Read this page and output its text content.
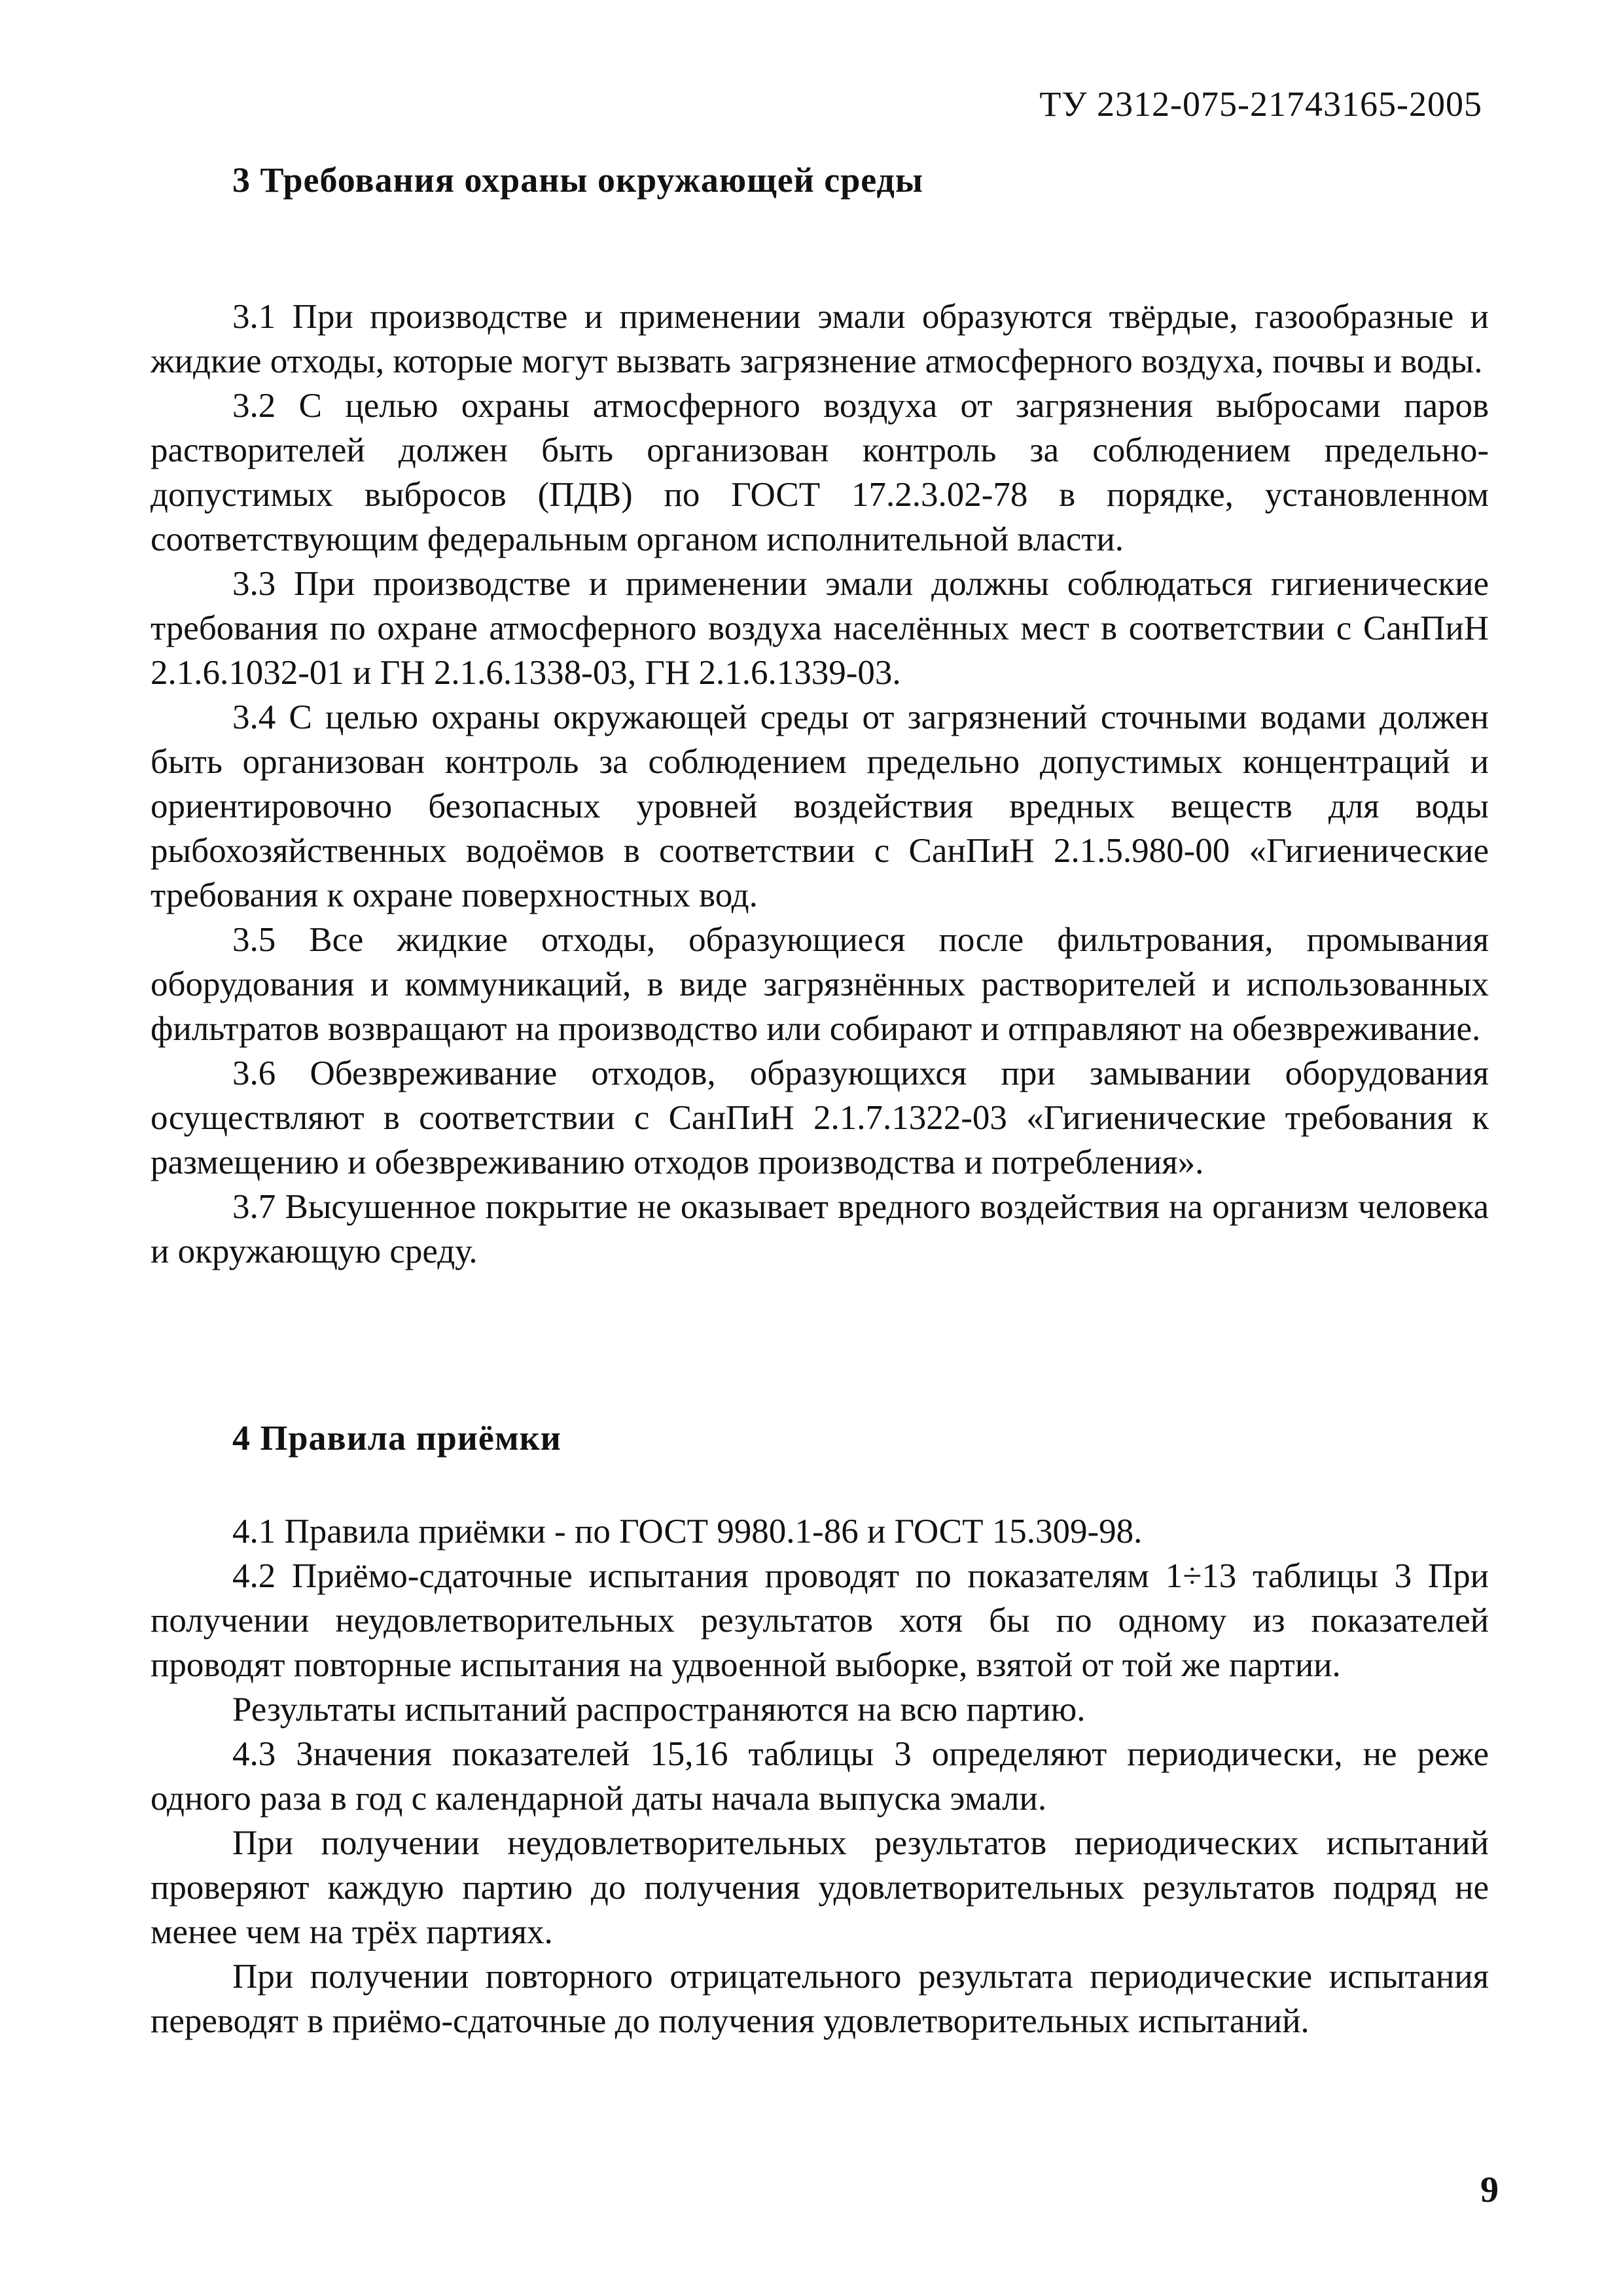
ТУ 2312-075-21743165-2005
3 Требования охраны окружающей среды

3.1 При производстве и применении эмали образуются твёрдые, газообразные и жидкие отходы, которые могут вызвать загрязнение атмосферного воздуха, почвы и воды.

3.2 С целью охраны атмосферного воздуха от загрязнения выбросами паров растворителей должен быть организован контроль за соблюдением предельно-допустимых выбросов (ПДВ) по ГОСТ 17.2.3.02-78 в порядке, установленном соответствующим федеральным органом исполнительной власти.

3.3 При производстве и применении эмали должны соблюдаться гигиенические требования по охране атмосферного воздуха населённых мест в соответствии с СанПиН 2.1.6.1032-01 и ГН 2.1.6.1338-03, ГН 2.1.6.1339-03.

3.4 С целью охраны окружающей среды от загрязнений сточными водами должен быть организован контроль за соблюдением предельно допустимых концентраций и ориентировочно безопасных уровней воздействия вредных веществ для воды рыбохозяйственных водоёмов в соответствии с СанПиН 2.1.5.980-00 «Гигиенические требования к охране поверхностных вод.

3.5 Все жидкие отходы, образующиеся после фильтрования, промывания оборудования и коммуникаций, в виде загрязнённых растворителей и использованных фильтратов возвращают на производство или собирают и отправляют на обезвреживание.

3.6 Обезвреживание отходов, образующихся при замывании оборудования осуществляют в соответствии с СанПиН 2.1.7.1322-03 «Гигиенические требования к размещению и обезвреживанию отходов производства и потребления».

3.7 Высушенное покрытие не оказывает вредного воздействия на организм человека и окружающую среду.

4 Правила приёмки

4.1 Правила приёмки - по ГОСТ 9980.1-86 и ГОСТ 15.309-98.

4.2 Приёмо-сдаточные испытания проводят по показателям 1÷13 таблицы 3 При получении неудовлетворительных результатов хотя бы по одному из показателей проводят повторные испытания на удвоенной выборке, взятой от той же партии.

Результаты испытаний распространяются на всю партию.

4.3 Значения показателей 15,16 таблицы 3 определяют периодически, не реже одного раза в год с календарной даты начала выпуска эмали.

При получении неудовлетворительных результатов периодических испытаний проверяют каждую партию до получения удовлетворительных результатов подряд не менее чем на трёх партиях.

При получении повторного отрицательного результата периодические испытания переводят в приёмо-сдаточные до получения удовлетворительных испытаний.

9
